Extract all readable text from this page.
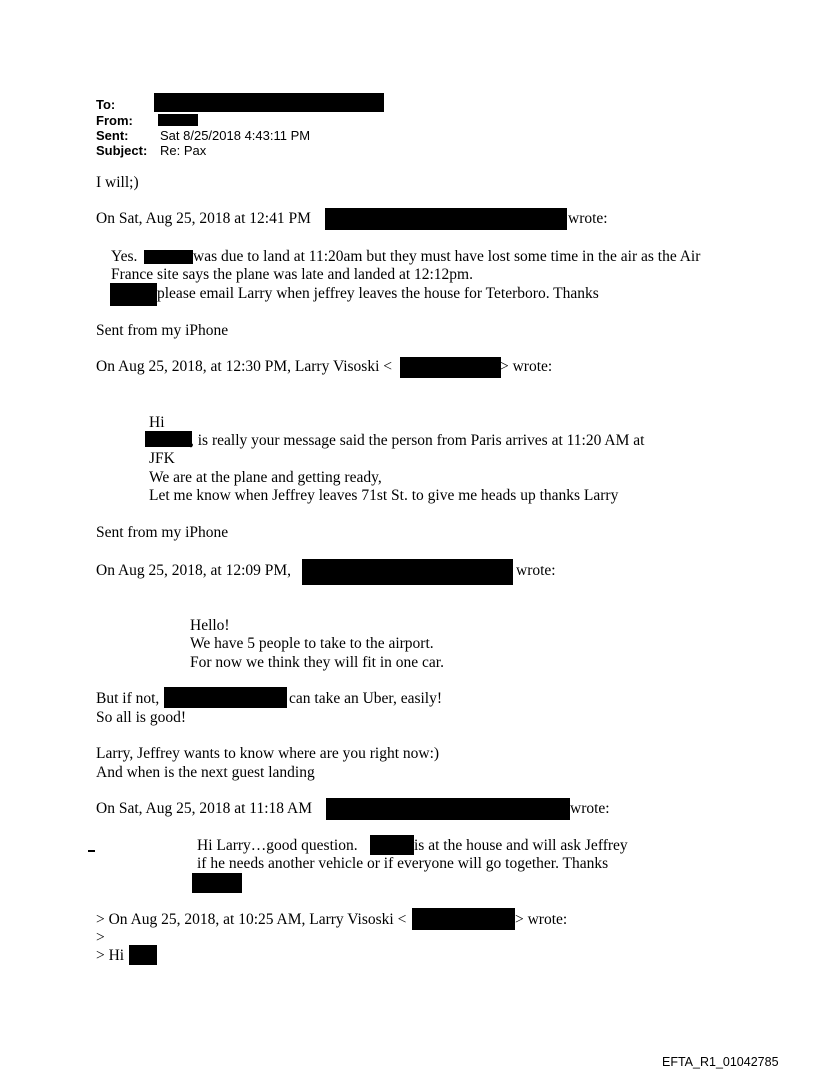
To:
From:
Sent: Sat 8/25/2018 4:43:11 PM
Subject: Re: Pax
I will;)
On Sat, Aug 25, 2018 at 12:41 PM	wrote:
Yes.	was due to land at 11:20am but they must have lost some time in the air as the Air
France site says the plane was late and landed at 12:12pm.
please email Larry when jeffrey leaves the house for Teterboro. Thanks
Sent from my iPhone
On Aug 25, 2018, at 12:30 PM, Larry Visoski <	> wrote:
Hi
, is really your message said the person from Paris arrives at 11:20 AM at
JFK
We are at the plane and getting ready,
Let me know when Jeffrey leaves 71st St. to give me heads up thanks Larry
Sent from my iPhone
On Aug 25, 2018, at 12:09 PM,	wrote:
Hello!
We have 5 people to take to the airport.
For now we think they will fit in one car.
But if not,	can take an Uber, easily!
So all is good!
Larry, Jeffrey wants to know where are you right now:)
And when is the next guest landing
On Sat, Aug 25, 2018 at 11:18 AM	wrote:
Hi Larry…good question.	is at the house and will ask Jeffrey
if he needs another vehicle or if everyone will go together. Thanks
> On Aug 25, 2018, at 10:25 AM, Larry Visoski <	> wrote:
>
> Hi
EFTA_R1_01042785
